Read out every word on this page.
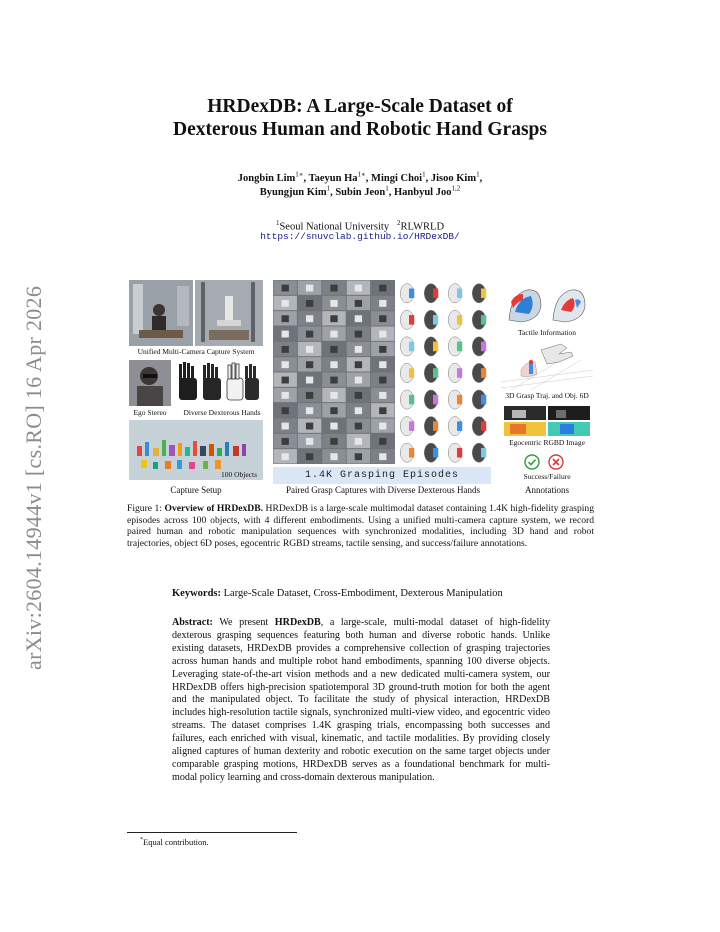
arXiv:2604.14944v1 [cs.RO] 16 Apr 2026
HRDexDB: A Large-Scale Dataset of
Dexterous Human and Robotic Hand Grasps
Jongbin Lim$^{1∗}$, Taeyun $Ha^{1∗}$, Mingi Choi$^1$, Jisoo Kim$^1$,
Byungjun Kim$^1$, Subin Jeon$^1$, Hanbyul Joo$^{1,2}$
$^1$Seoul National University $^2$RLWRLD
https://snuvclab.github.io/HRDexDB/
Unified Multi-Camera Capture System
Ego Stereo	Diverse Dexterous Hands
100 Objects	1.4K Grasping Episodes
Tactile Information
3D Grasp Traj. and Obj. 6D
Egocentric RGBD Image
Success/Failure
Capture Setup	Paired Grasp Captures with Diverse Dexterous Hands	Annotations
Figure 1: Overview of HRDexDB. HRDexDB is a large-scale multimodal dataset containing 1.4K high-fidelity grasping episodes across 100 objects, with 4 different embodiments. Using a unified multi-camera capture system, we record paired human and robotic manipulation sequences with synchronized modalities, including 3D hand and robot trajectories, object 6D poses, egocentric RGBD streams, tactile sensing, and success/failure annotations.
Keywords: Large-Scale Dataset, Cross-Embodiment, Dexterous Manipulation
Abstract: We present HRDexDB, a large-scale, multi-modal dataset of high-fidelity dexterous grasping sequences featuring both human and diverse robotic hands. Unlike existing datasets, HRDexDB provides a comprehensive collection of grasping trajectories across human hands and multiple robot hand embodiments, spanning 100 diverse objects. Leveraging state-of-the-art vision methods and a new dedicated multi-camera system, our HRDexDB offers high-precision spatiotemporal 3D ground-truth motion for both the agent and the manipulated object. To facilitate the study of physical interaction, HRDexDB includes high-resolution tactile signals, synchronized multi-view video, and egocentric video streams. The dataset comprises 1.4K grasping trials, encompassing both successes and failures, each enriched with visual, kinematic, and tactile modalities. By providing closely aligned captures of human dexterity and robotic execution on the same target objects under comparable grasping motions, HRDexDB serves as a foundational benchmark for multi-modal policy learning and cross-domain dexterous manipulation.
*Equal contribution.
